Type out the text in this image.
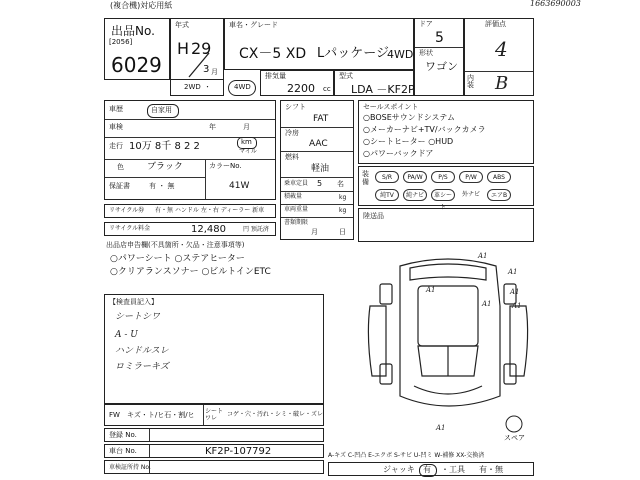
(複合機)対応用紙	1663690003
出品No.
[2056]
6029
年式
H 29
3 月
車名・グレード
CX－5 XD Lパッケージ
4WD
2WD ・	4WD
排気量
2200 cc
型式
LDA －KF2P
ドア
5
形状
ワゴン
評価点
4
内装 B
車歴	自家用
車検	年	月
走行 10万 8千 8 2 2	km
マイル
色	ブラック	カラーNo.
保証書	有 ・ 無	41W
リサイクル券 有・無 ハンドル 左・右 ディーラー 新車
リサイクル料金	12,480	円 預託済
シフト
FAT
冷房
AAC
燃料
軽油
乗車定員 5 名
積載量	kg
車両重量	kg
書類期限
月	日
セールスポイント
○BOSEサウンドシステム
○メーカーナビ+TV/バックカメラ
○シートヒーター ○HUD
○パワーバックドア
装備
S/R	PA/W	P/S	P/W	ABS
純TV	純ナビ	革シート
外ナビ	エアB
陸送品
出品店申告欄(不具箇所・欠品・注意事項等)
○パワーシート ○ステアヒーター
○クリアランスソナー ○ビルトインETC
【検査員記入】
シートシワ
A - U
ハンドルスレ
ロミラーキズ
スペア
A1
A1
A1
A1
A1
A1
A1
FW キズ・ト/ヒ石・割/ヒ シート
ワレ
コゲ・穴・汚れ・シミ・破レ・ズレ
登録 No.
車台 No.	KF2P-107792
車検証所持 No.
A-キズ C-凹凸 E-エクボ S-サビ U-凹ミ W-補修 XX-交換済
ジャッキ 有 ・工具 有・無
